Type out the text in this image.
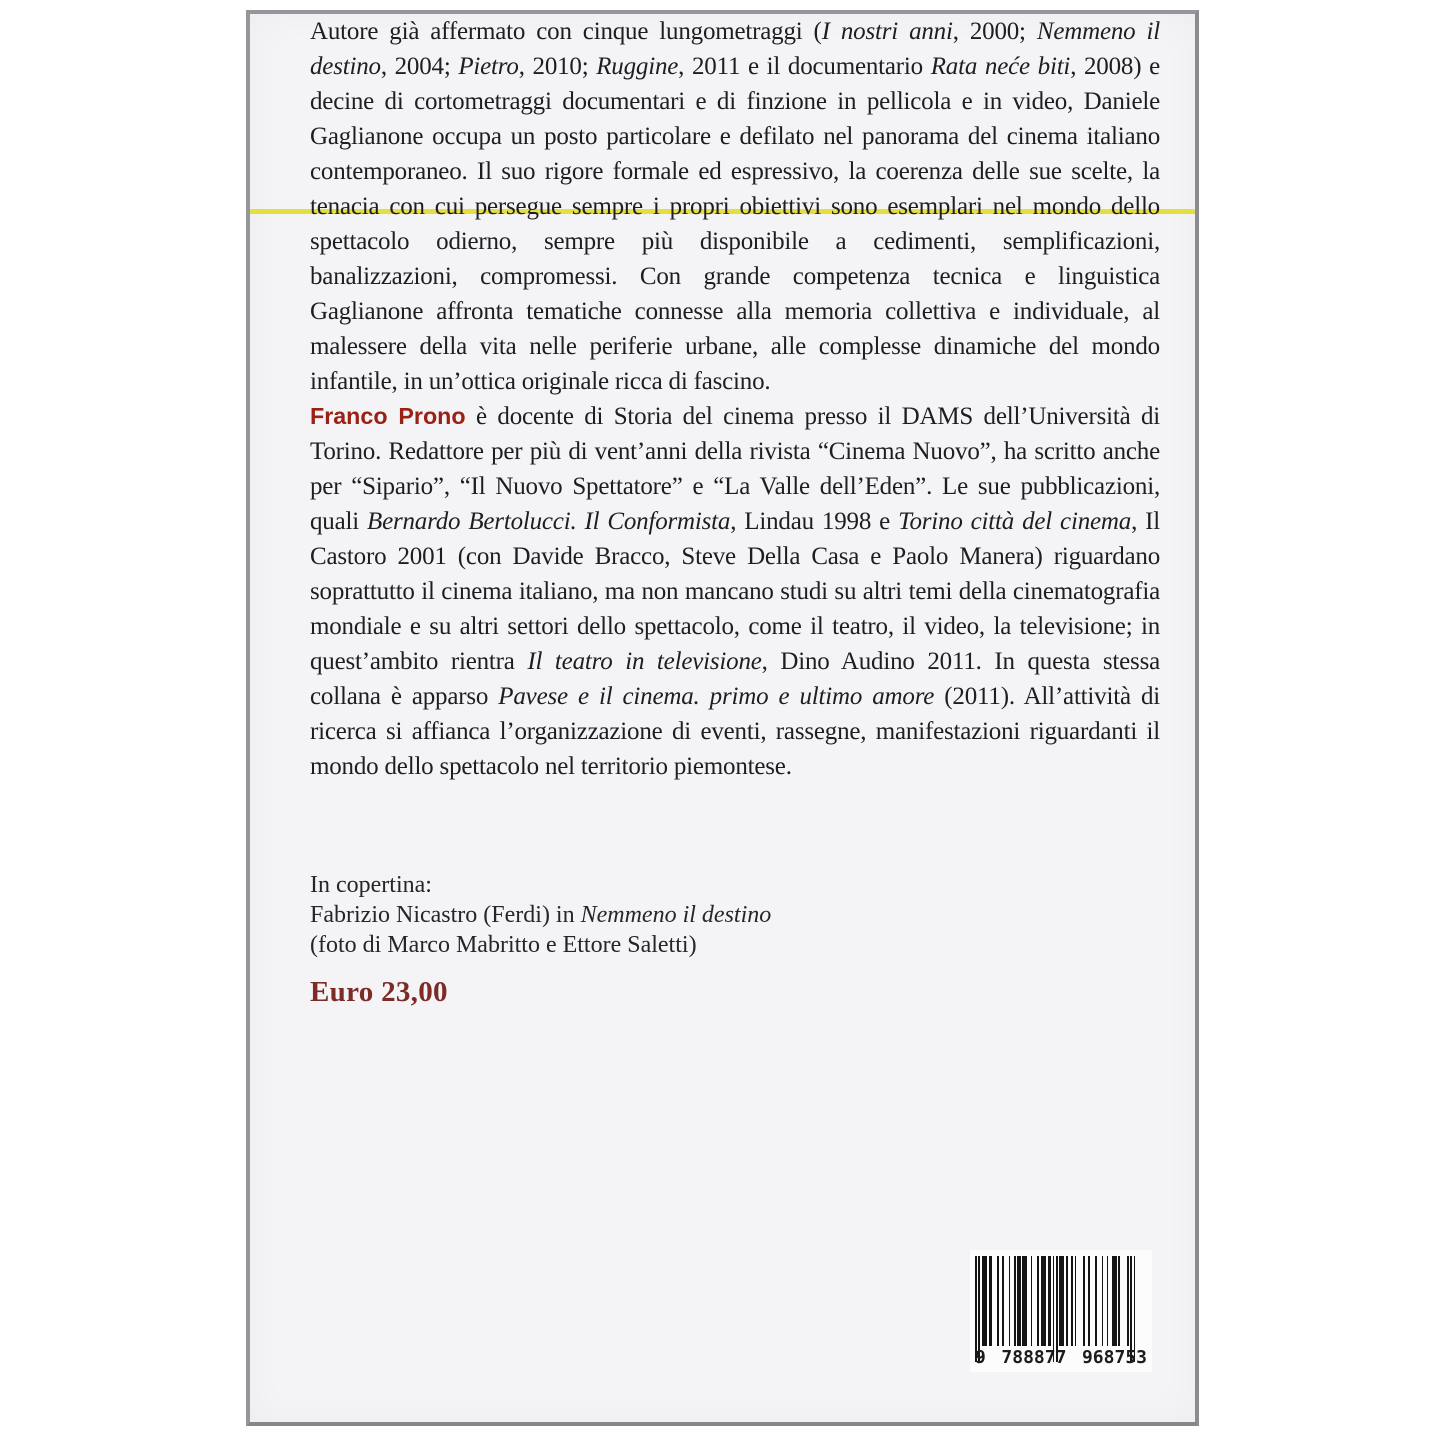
Autore già affermato con cinque lungometraggi (I nostri anni, 2000; Nemmeno il destino, 2004; Pietro, 2010; Ruggine, 2011 e il documentario Rata neće biti, 2008) e decine di cortometraggi documentari e di finzione in pellicola e in video, Daniele Gaglianone occupa un posto particolare e defilato nel panorama del cinema italiano contemporaneo. Il suo rigore formale ed espressivo, la coerenza delle sue scelte, la tenacia con cui persegue sempre i propri obiettivi sono esemplari nel mondo dello spettacolo odierno, sempre più disponibile a cedimenti, semplificazioni, banalizzazioni, compromessi. Con grande competenza tecnica e linguistica Gaglianone affronta tematiche connesse alla memoria collettiva e individuale, al malessere della vita nelle periferie urbane, alle complesse dinamiche del mondo infantile, in un’ottica originale ricca di fascino.

Franco Prono è docente di Storia del cinema presso il DAMS dell’Università di Torino. Redattore per più di vent’anni della rivista “Cinema Nuovo”, ha scritto anche per “Sipario”, “Il Nuovo Spettatore” e “La Valle dell’Eden”. Le sue pubblicazioni, quali Bernardo Bertolucci. Il Conformista, Lindau 1998 e Torino città del cinema, Il Castoro 2001 (con Davide Bracco, Steve Della Casa e Paolo Manera) riguardano soprattutto il cinema italiano, ma non mancano studi su altri temi della cinematografia mondiale e su altri settori dello spettacolo, come il teatro, il video, la televisione; in quest’ambito rientra Il teatro in televisione, Dino Audino 2011. In questa stessa collana è apparso Pavese e il cinema. primo e ultimo amore (2011). All’attività di ricerca si affianca l’organizzazione di eventi, rassegne, manifestazioni riguardanti il mondo dello spettacolo nel territorio piemontese.

In copertina:
Fabrizio Nicastro (Ferdi) in Nemmeno il destino
(foto di Marco Mabritto e Ettore Saletti)
Euro 23,00
9 788877 968753
